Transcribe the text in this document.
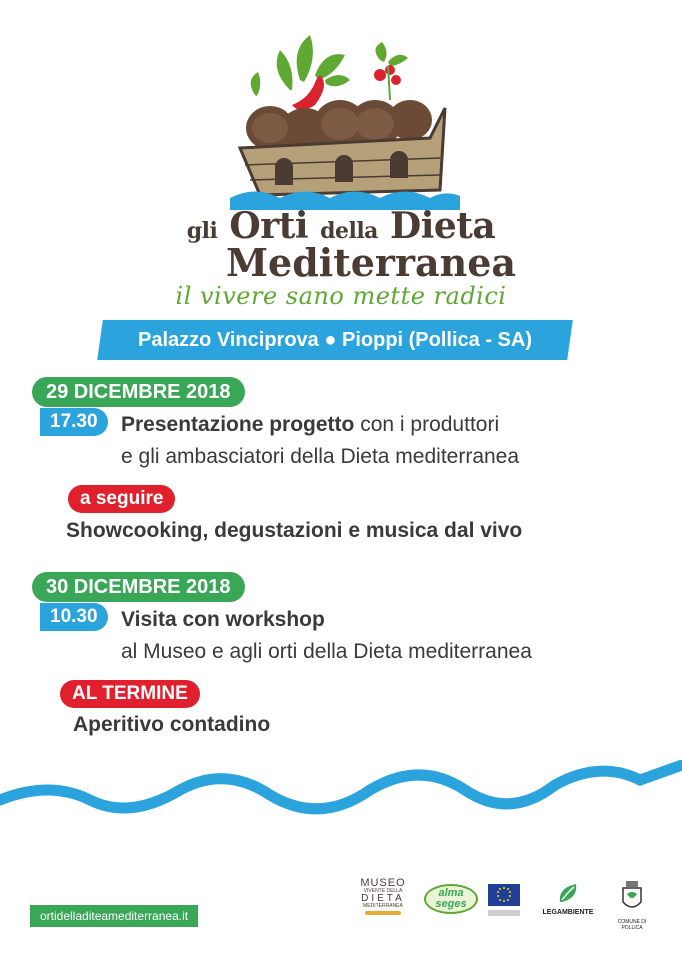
gli Orti della Dieta
Mediterranea
il vivere sano mette radici
Palazzo Vinciprova ● Pioppi (Pollica - SA)
29 DICEMBRE 2018
17.30	Presentazione progetto con i produttori
e gli ambasciatori della Dieta mediterranea
a seguire
Showcooking, degustazioni e musica dal vivo
30 DICEMBRE 2018
10.30	Visita con workshop
al Museo e agli orti della Dieta mediterranea
AL TERMINE
Aperitivo contadino
ortidelladiteamediterranea.it
MUSEO
VIVENTE DELLA
DIETA
MEDITERRANEA
alma
seges
LEGAMBIENTE
COMUNE DI POLLICA
